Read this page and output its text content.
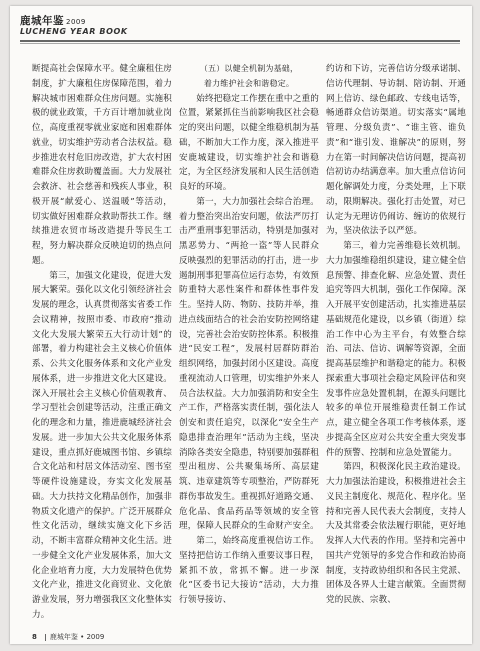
鹿城年鉴 2009
LUCHENG YEAR BOOK

断提高社会保障水平。健全廉租住房制度，扩大廉租住房保障范围，着力解决城市困难群众住房问题。实施积极的就业政策，千方百计增加就业岗位，高度重视零就业家庭和困难群体就业，切实维护劳动者合法权益。稳步推进农村危旧房改造，扩大农村困难群众住房救助覆盖面。大力发展社会救济、社会慈善和残疾人事业，积极开展“献爱心、送温暖”等活动，切实做好困难群众救助帮扶工作。继续推进农贸市场改造提升等民生工程，努力解决群众反映迫切的热点问题。

第三，加强文化建设，促进大发展大繁荣。强化以文化引领经济社会发展的理念，认真贯彻落实省委工作会议精神，按照市委、市政府“推动文化大发展大繁荣五大行动计划”的部署，着力构建社会主义核心价值体系、公共文化服务体系和文化产业发展体系，进一步推进文化大区建设。深入开展社会主义核心价值观教育、学习型社会创建等活动，注重正确文化的理念和力量，推进鹿城经济社会发展。进一步加大公共文化服务体系建设，重点抓好鹿城图书馆、乡镇综合文化站和村居文体活动室、图书室等硬件设施建设，夯实文化发展基础。大力扶持文化精品创作，加强非物质文化遗产的保护。广泛开展群众性文化活动，继续实施文化下乡活动，不断丰富群众精神文化生活。进一步健全文化产业发展体系，加大文化企业培育力度，大力发展特色优势文化产业，推进文化商贸业、文化旅游业发展，努力增强我区文化整体实力。

（五）以健全机制为基础，

着力维护社会和谐稳定。

始终把稳定工作摆在重中之重的位置，紧紧抓住当前影响我区社会稳定的突出问题，以健全维稳机制为基础，不断加大工作力度，深入推进平安鹿城建设，切实维护社会和谐稳定，为全区经济发展和人民生活创造良好的环境。

第一，大力加强社会综合治理。着力整治突出治安问题，依法严厉打击严重刑事犯罪活动，特别是加强对黑恶势力、“两抢一盗”等人民群众反映强烈的犯罪活动的打击，进一步遏制刑事犯罪高位运行态势，有效预防重特大恶性案件和群体性事件发生。坚持人防、物防、技防并举，推进点线面结合的社会治安防控网络建设，完善社会治安防控体系。积极推进“民安工程”，发展村居群防群治组织网络，加强封闭小区建设。高度重视流动人口管理，切实维护外来人员合法权益。大力加强消防和安全生产工作，严格落实责任制，强化法人创安和责任追究，以深化“安全生产隐患排查治理年”活动为主线，坚决消除各类安全隐患，特别要加强群租型出租房、公共聚集场所、高层建筑、违章建筑等专项整治，严防群死群伤事故发生。重视抓好道路交通、危化品、食品药品等领域的安全管理，保障人民群众的生命财产安全。

第二，始终高度重视信访工作。坚持把信访工作纳入重要议事日程，紧抓不放，常抓不懈。进一步深化“区委书记大接访”活动，大力推行领导接访、

约访和下访，完善信访分级承诺制、信访代理制、导访制、陪访制、开通网上信访、绿色邮政、专线电话等，畅通群众信访渠道。切实落实“属地管理、分级负责”、“谁主管、谁负责”和“谁引发、谁解决”的原则，努力在第一时间解决信访问题，提高初信初访办结满意率。加大重点信访问题化解调处力度，分类处理，上下联动，限期解决。强化打击处置，对已认定为无理访仍闹访、缠访的依规行为，坚决依法予以严惩。

第三，着力完善维稳长效机制。大力加强维稳组织建设，建立健全信息预警、排查化解、应急处置、责任追究等四大机制，强化工作保障。深入开展平安创建活动，扎实推进基层基础规范化建设，以乡镇（街道）综治工作中心为主平台，有效整合综治、司法、信访、调解等资源，全面提高基层维护和谐稳定的能力。积极探索重大事项社会稳定风险评估和突发事件应急处置机制，在源头问题比较多的单位开展维稳责任制工作试点，建立健全各项工作考核体系，逐步提高全区应对公共安全重大突发事件的预警、控制和应急处置能力。

第四，积极深化民主政治建设。大力加强法治建设，积极推进社会主义民主制度化、规范化、程序化。坚持和完善人民代表大会制度，支持人大及其常委会依法履行职能，更好地发挥人大代表的作用。坚持和完善中国共产党领导的多党合作和政治协商制度，支持政协组织和各民主党派、团体及各界人士建言献策。全面贯彻党的民族、宗教、

8 鹿城年鉴 • 2009
